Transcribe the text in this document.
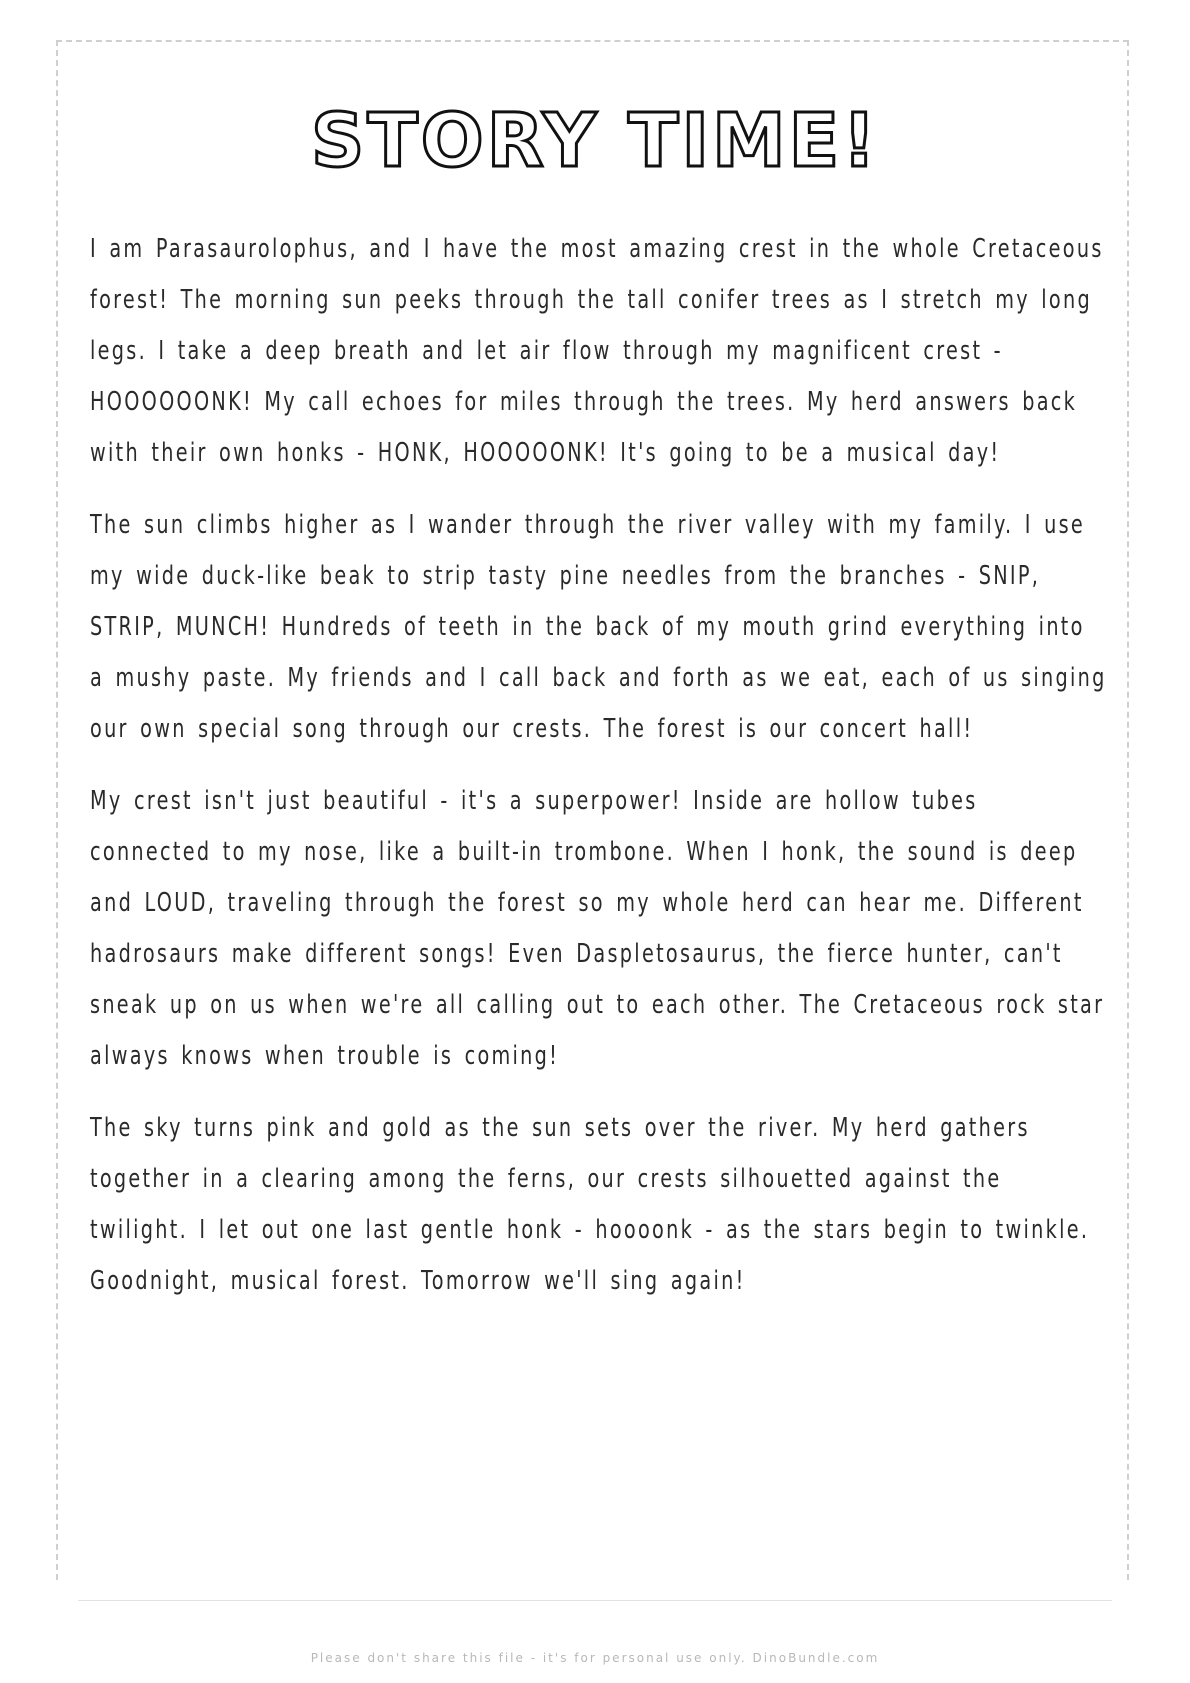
STORY TIME!

I am Parasaurolophus, and I have the most amazing crest in the whole Cretaceous forest! The morning sun peeks through the tall conifer trees as I stretch my long legs. I take a deep breath and let air flow through my magnificent crest - HOOOOOONK! My call echoes for miles through the trees. My herd answers back with their own honks - HONK, HOOOOONK! It's going to be a musical day!

The sun climbs higher as I wander through the river valley with my family. I use my wide duck-like beak to strip tasty pine needles from the branches - SNIP, STRIP, MUNCH! Hundreds of teeth in the back of my mouth grind everything into a mushy paste. My friends and I call back and forth as we eat, each of us singing our own special song through our crests. The forest is our concert hall!

My crest isn't just beautiful - it's a superpower! Inside are hollow tubes connected to my nose, like a built-in trombone. When I honk, the sound is deep and LOUD, traveling through the forest so my whole herd can hear me. Different hadrosaurs make different songs! Even Daspletosaurus, the fierce hunter, can't sneak up on us when we're all calling out to each other. The Cretaceous rock star always knows when trouble is coming!

The sky turns pink and gold as the sun sets over the river. My herd gathers together in a clearing among the ferns, our crests silhouetted against the twilight. I let out one last gentle honk - hoooonk - as the stars begin to twinkle. Goodnight, musical forest. Tomorrow we'll sing again!

Please don't share this file - it's for personal use only. DinoBundle.com
